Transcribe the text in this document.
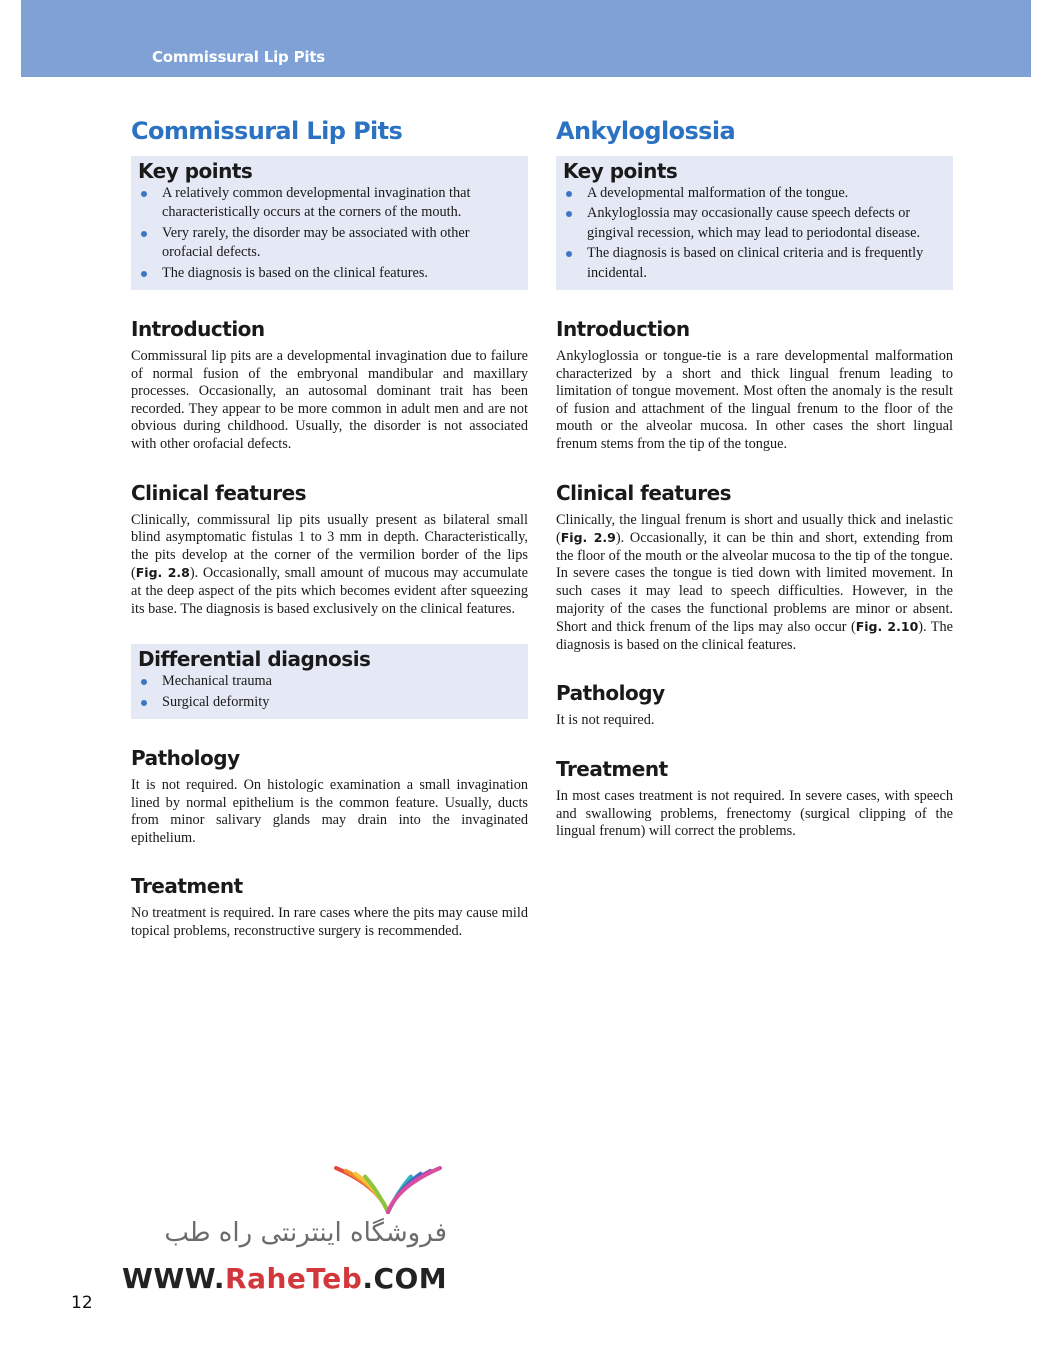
Commissural Lip Pits
Commissural Lip Pits
Key points
A relatively common developmental invagination that characteristically occurs at the corners of the mouth.
Very rarely, the disorder may be associated with other orofacial defects.
The diagnosis is based on the clinical features.
Introduction

Commissural lip pits are a developmental invagination due to failure of normal fusion of the embryonal mandibular and maxillary processes. Occasionally, an autosomal dominant trait has been recorded. They appear to be more common in adult men and are not obvious during childhood. Usually, the disorder is not associated with other orofacial defects.

Clinical features

Clinically, commissural lip pits usually present as bilateral small blind asymptomatic fistulas 1 to 3 mm in depth. Characteristically, the pits develop at the corner of the vermilion border of the lips (Fig. 2.8). Occasionally, small amount of mucous may accumulate at the deep aspect of the pits which becomes evident after squeezing its base. The diagnosis is based exclusively on the clinical features.

Differential diagnosis
Mechanical trauma
Surgical deformity
Pathology

It is not required. On histologic examination a small invagination lined by normal epithelium is the common feature. Usually, ducts from minor salivary glands may drain into the invaginated epithelium.

Treatment

No treatment is required. In rare cases where the pits may cause mild topical problems, reconstructive surgery is recommended.

Ankyloglossia
Key points
A developmental malformation of the tongue.
Ankyloglossia may occasionally cause speech defects or gingival recession, which may lead to periodontal disease.
The diagnosis is based on clinical criteria and is frequently incidental.
Introduction

Ankyloglossia or tongue-tie is a rare developmental malformation characterized by a short and thick lingual frenum leading to limitation of tongue movement. Most often the anomaly is the result of fusion and attachment of the lingual frenum to the floor of the mouth or the alveolar mucosa. In other cases the short lingual frenum stems from the tip of the tongue.

Clinical features

Clinically, the lingual frenum is short and usually thick and inelastic (Fig. 2.9). Occasionally, it can be thin and short, extending from the floor of the mouth or the alveolar mucosa to the tip of the tongue. In severe cases the tongue is tied down with limited movement. In such cases it may lead to speech difficulties. However, in the majority of the cases the functional problems are minor or absent. Short and thick frenum of the lips may also occur (Fig. 2.10). The diagnosis is based on the clinical features.

Pathology

It is not required.

Treatment

In most cases treatment is not required. In severe cases, with speech and swallowing problems, frenectomy (surgical clipping of the lingual frenum) will correct the problems.

فروشگاه اینترنتی راه طب
WWW.RaheTeb.COM
12
